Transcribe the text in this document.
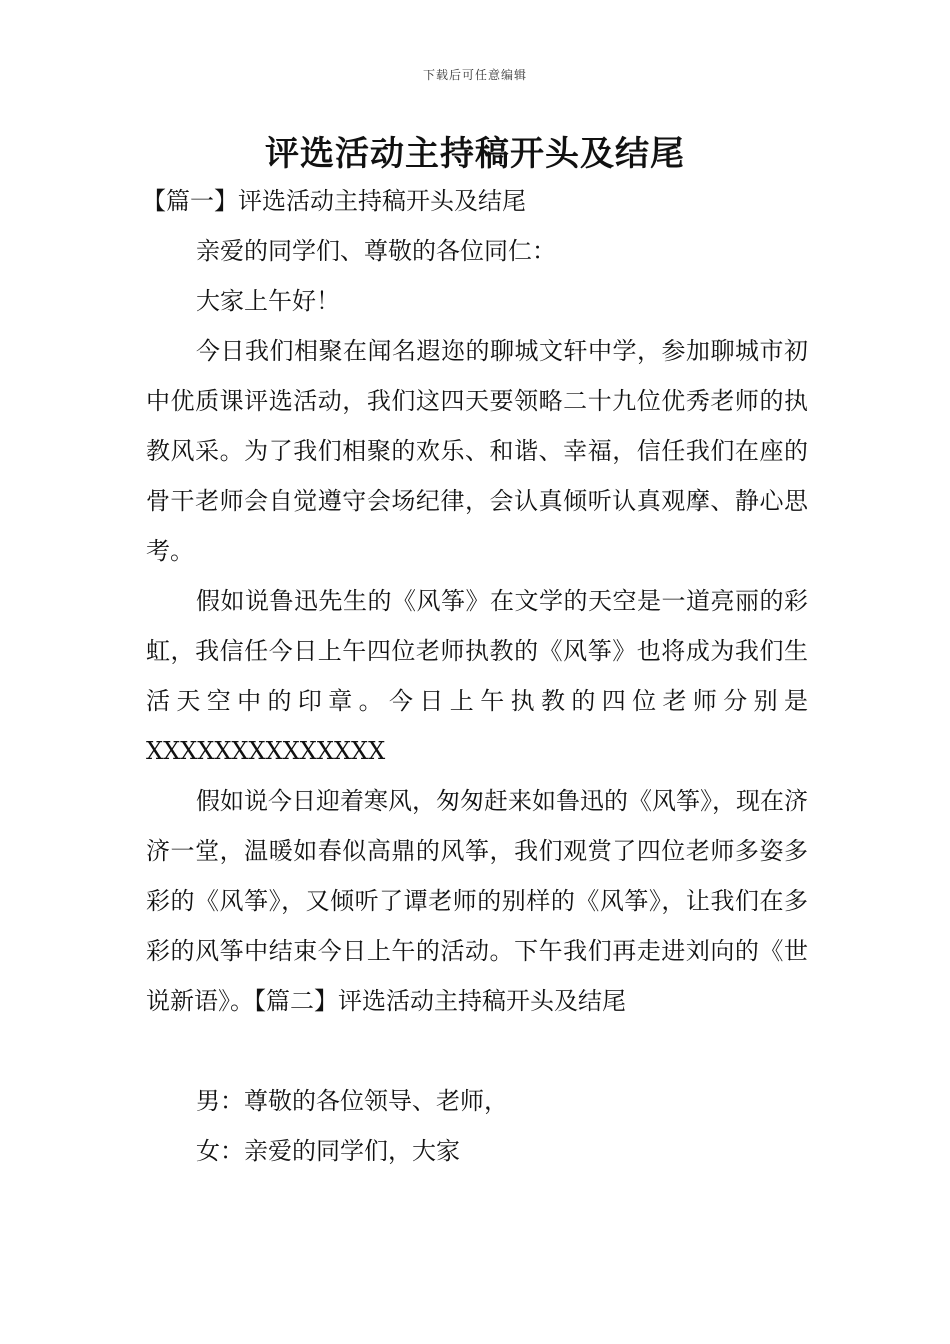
下载后可任意编辑
评选活动主持稿开头及结尾

【篇一】评选活动主持稿开头及结尾

亲爱的同学们、尊敬的各位同仁：

大家上午好！

今日我们相聚在闻名遐迩的聊城文轩中学，参加聊城市初中优质课评选活动，我们这四天要领略二十九位优秀老师的执教风采。为了我们相聚的欢乐、和谐、幸福，信任我们在座的骨干老师会自觉遵守会场纪律，会认真倾听认真观摩、静心思考。

假如说鲁迅先生的《风筝》在文学的天空是一道亮丽的彩虹，我信任今日上午四位老师执教的《风筝》也将成为我们生活天空中的印章。今日上午执教的四位老师分别是XXXXXXXXXXXXXX

假如说今日迎着寒风，匆匆赶来如鲁迅的《风筝》，现在济济一堂，温暖如春似高鼎的风筝，我们观赏了四位老师多姿多彩的《风筝》，又倾听了谭老师的别样的《风筝》，让我们在多彩的风筝中结束今日上午的活动。下午我们再走进刘向的《世说新语》。【篇二】评选活动主持稿开头及结尾

男：尊敬的各位领导、老师，

女：亲爱的同学们，大家
